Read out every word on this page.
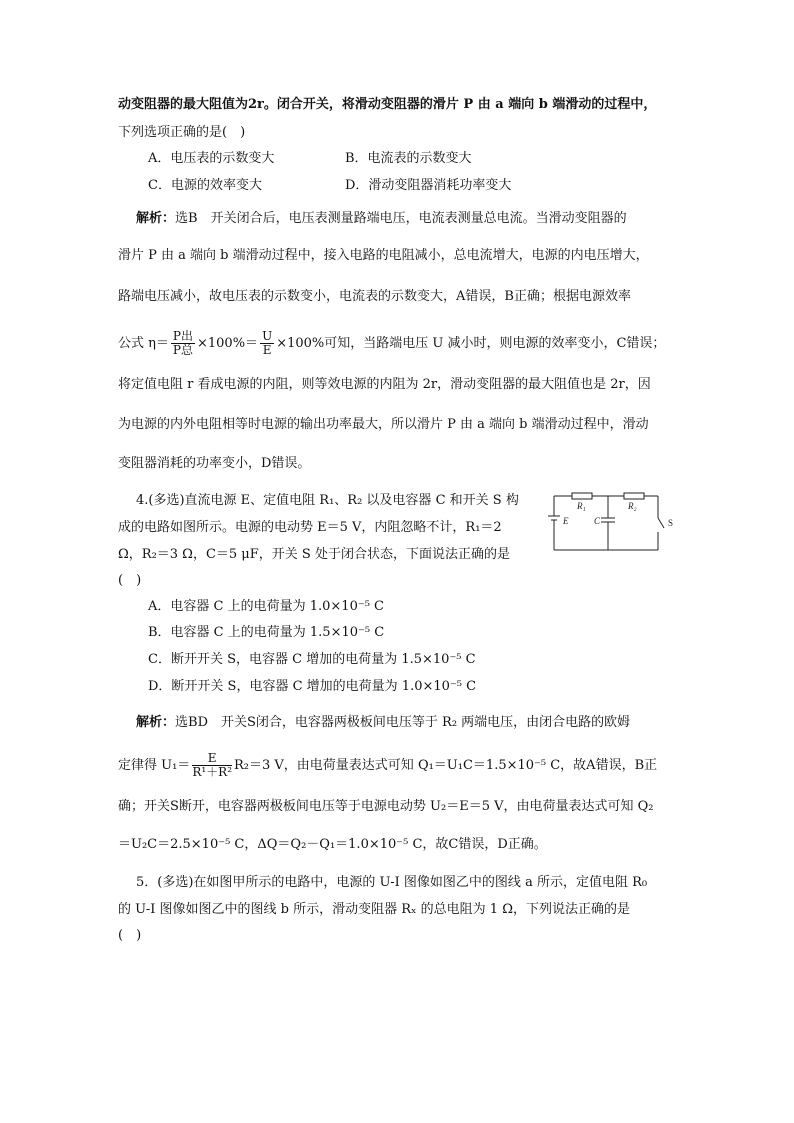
动变阻器的最大阻值为2r。闭合开关，将滑动变阻器的滑片 P 由 a 端向 b 端滑动的过程中，
下列选项正确的是(　)
A．电压表的示数变大	B．电流表的示数变大
C．电源的效率变大	D．滑动变阻器消耗功率变大
解析：选B　开关闭合后，电压表测量路端电压，电流表测量总电流。当滑动变阻器的
滑片 P 由 a 端向 b 端滑动过程中，接入电路的电阻减小，总电流增大，电源的内电压增大，
路端电压减小，故电压表的示数变小，电流表的示数变大，A错误，B正确；根据电源效率
公式 $\eta= \frac{\text{P出}}{\text{P总}} \times 100\%= \frac{U}{E} \times 100\%$可知，当路端电压 U 减小时，则电源的效率变小，C错误；
将定值电阻 r 看成电源的内阻，则等效电源的内阻为 2r，滑动变阻器的最大阻值也是 2r，因
为电源的内外电阻相等时电源的输出功率最大，所以滑片 P 由 a 端向 b 端滑动过程中，滑动
变阻器消耗的功率变小，D错误。
4.(多选)直流电源 E、定值电阻 R₁、R₂ 以及电容器 C 和开关 S 构
成的电路如图所示。电源的电动势 E＝5 V，内阻忽略不计，R₁＝2
Ω，R₂＝3 Ω，C＝5 μF，开关 S 处于闭合状态，下面说法正确的是
(　)
R₁	R₂
E	C	S
A．电容器 C 上的电荷量为 1.0×10⁻⁵ C
B．电容器 C 上的电荷量为 1.5×10⁻⁵ C
C．断开开关 S，电容器 C 增加的电荷量为 1.5×10⁻⁵ C
D．断开开关 S，电容器 C 增加的电荷量为 1.0×10⁻⁵ C
解析：选BD　开关S闭合，电容器两极板间电压等于 R₂ 两端电压，由闭合电路的欧姆
定律得 $U_1= \frac{E}{\text{R¹＋R²}} R_2=3$ V，由电荷量表达式可知 Q₁＝U₁C＝1.5×10⁻⁵ C，故A错误，B正
确；开关S断开，电容器两极板间电压等于电源电动势 U₂＝E＝5 V，由电荷量表达式可知 Q₂
＝U₂C＝2.5×10⁻⁵ C，ΔQ＝Q₂－Q₁＝1.0×10⁻⁵ C，故C错误，D正确。
5．(多选)在如图甲所示的电路中，电源的 U-I 图像如图乙中的图线 a 所示，定值电阻 R₀
的 U-I 图像如图乙中的图线 b 所示，滑动变阻器 Rₓ 的总电阻为 1 Ω，下列说法正确的是
(　)
